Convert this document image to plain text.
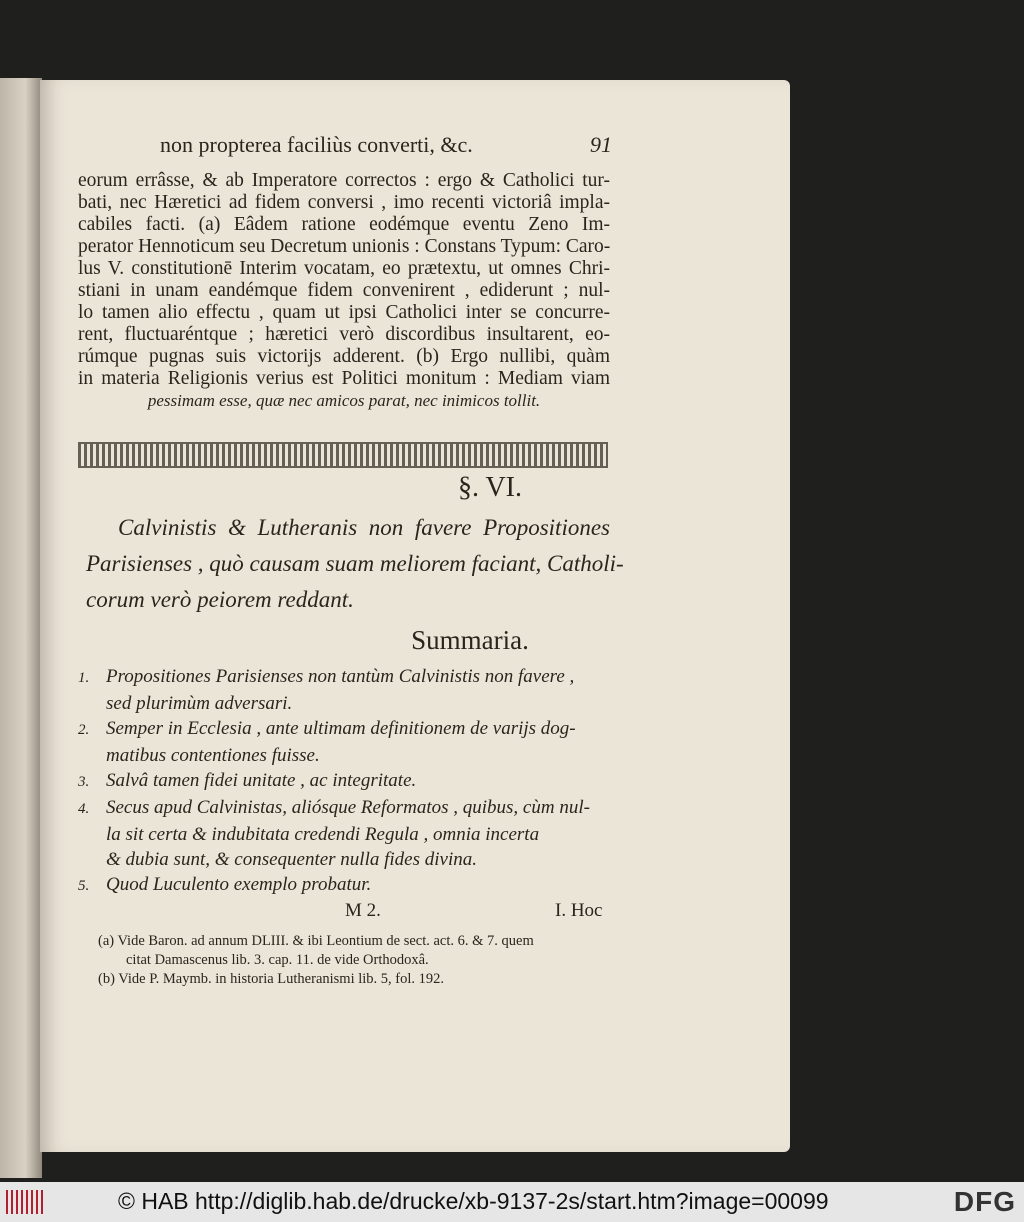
non propterea faciliùs converti, &c.	91
eorum errâsse, & ab Imperatore correctos : ergo & Catholici tur-
bati, nec Hæretici ad fidem conversi , imo recenti victoriâ impla-
cabiles facti. (a) Eâdem ratione eodémque eventu Zeno Im-
perator Hennoticum seu Decretum unionis : Constans Typum: Caro-
lus V. constitutionē Interim vocatam, eo prætextu, ut omnes Chri-
stiani in unam eandémque fidem convenirent , ediderunt ; nul-
lo tamen alio effectu , quam ut ipsi Catholici inter se concurre-
rent, fluctuaréntque ; hæretici verò discordibus insultarent, eo-
rúmque pugnas suis victorijs adderent. (b) Ergo nullibi, quàm
in materia Religionis verius est Politici monitum : Mediam viam
pessimam esse, quæ nec amicos parat, nec inimicos tollit.
§. VI.
Calvinistis & Lutheranis non favere Propositiones
Parisienses , quò causam suam meliorem faciant, Catholi-
corum verò peiorem reddant.
Summaria.
1. Propositiones Parisienses non tantùm Calvinistis non favere ,
sed plurimùm adversari.
2. Semper in Ecclesia , ante ultimam definitionem de varijs dog-
matibus contentiones fuisse.
3. Salvâ tamen fidei unitate , ac integritate.
4. Secus apud Calvinistas, aliósque Reformatos , quibus, cùm nul-
la sit certa & indubitata credendi Regula , omnia incerta
& dubia sunt, & consequenter nulla fides divina.
5. Quod Luculento exemplo probatur.
M 2.	I. Hoc
(a) Vide Baron. ad annum DLIII. & ibi Leontium de sect. act. 6. & 7. quem
citat Damascenus lib. 3. cap. 11. de vide Orthodoxâ.
(b) Vide P. Maymb. in historia Lutheranismi lib. 5, fol. 192.
© HAB http://diglib.hab.de/drucke/xb-9137-2s/start.htm?image=00099	DFG
